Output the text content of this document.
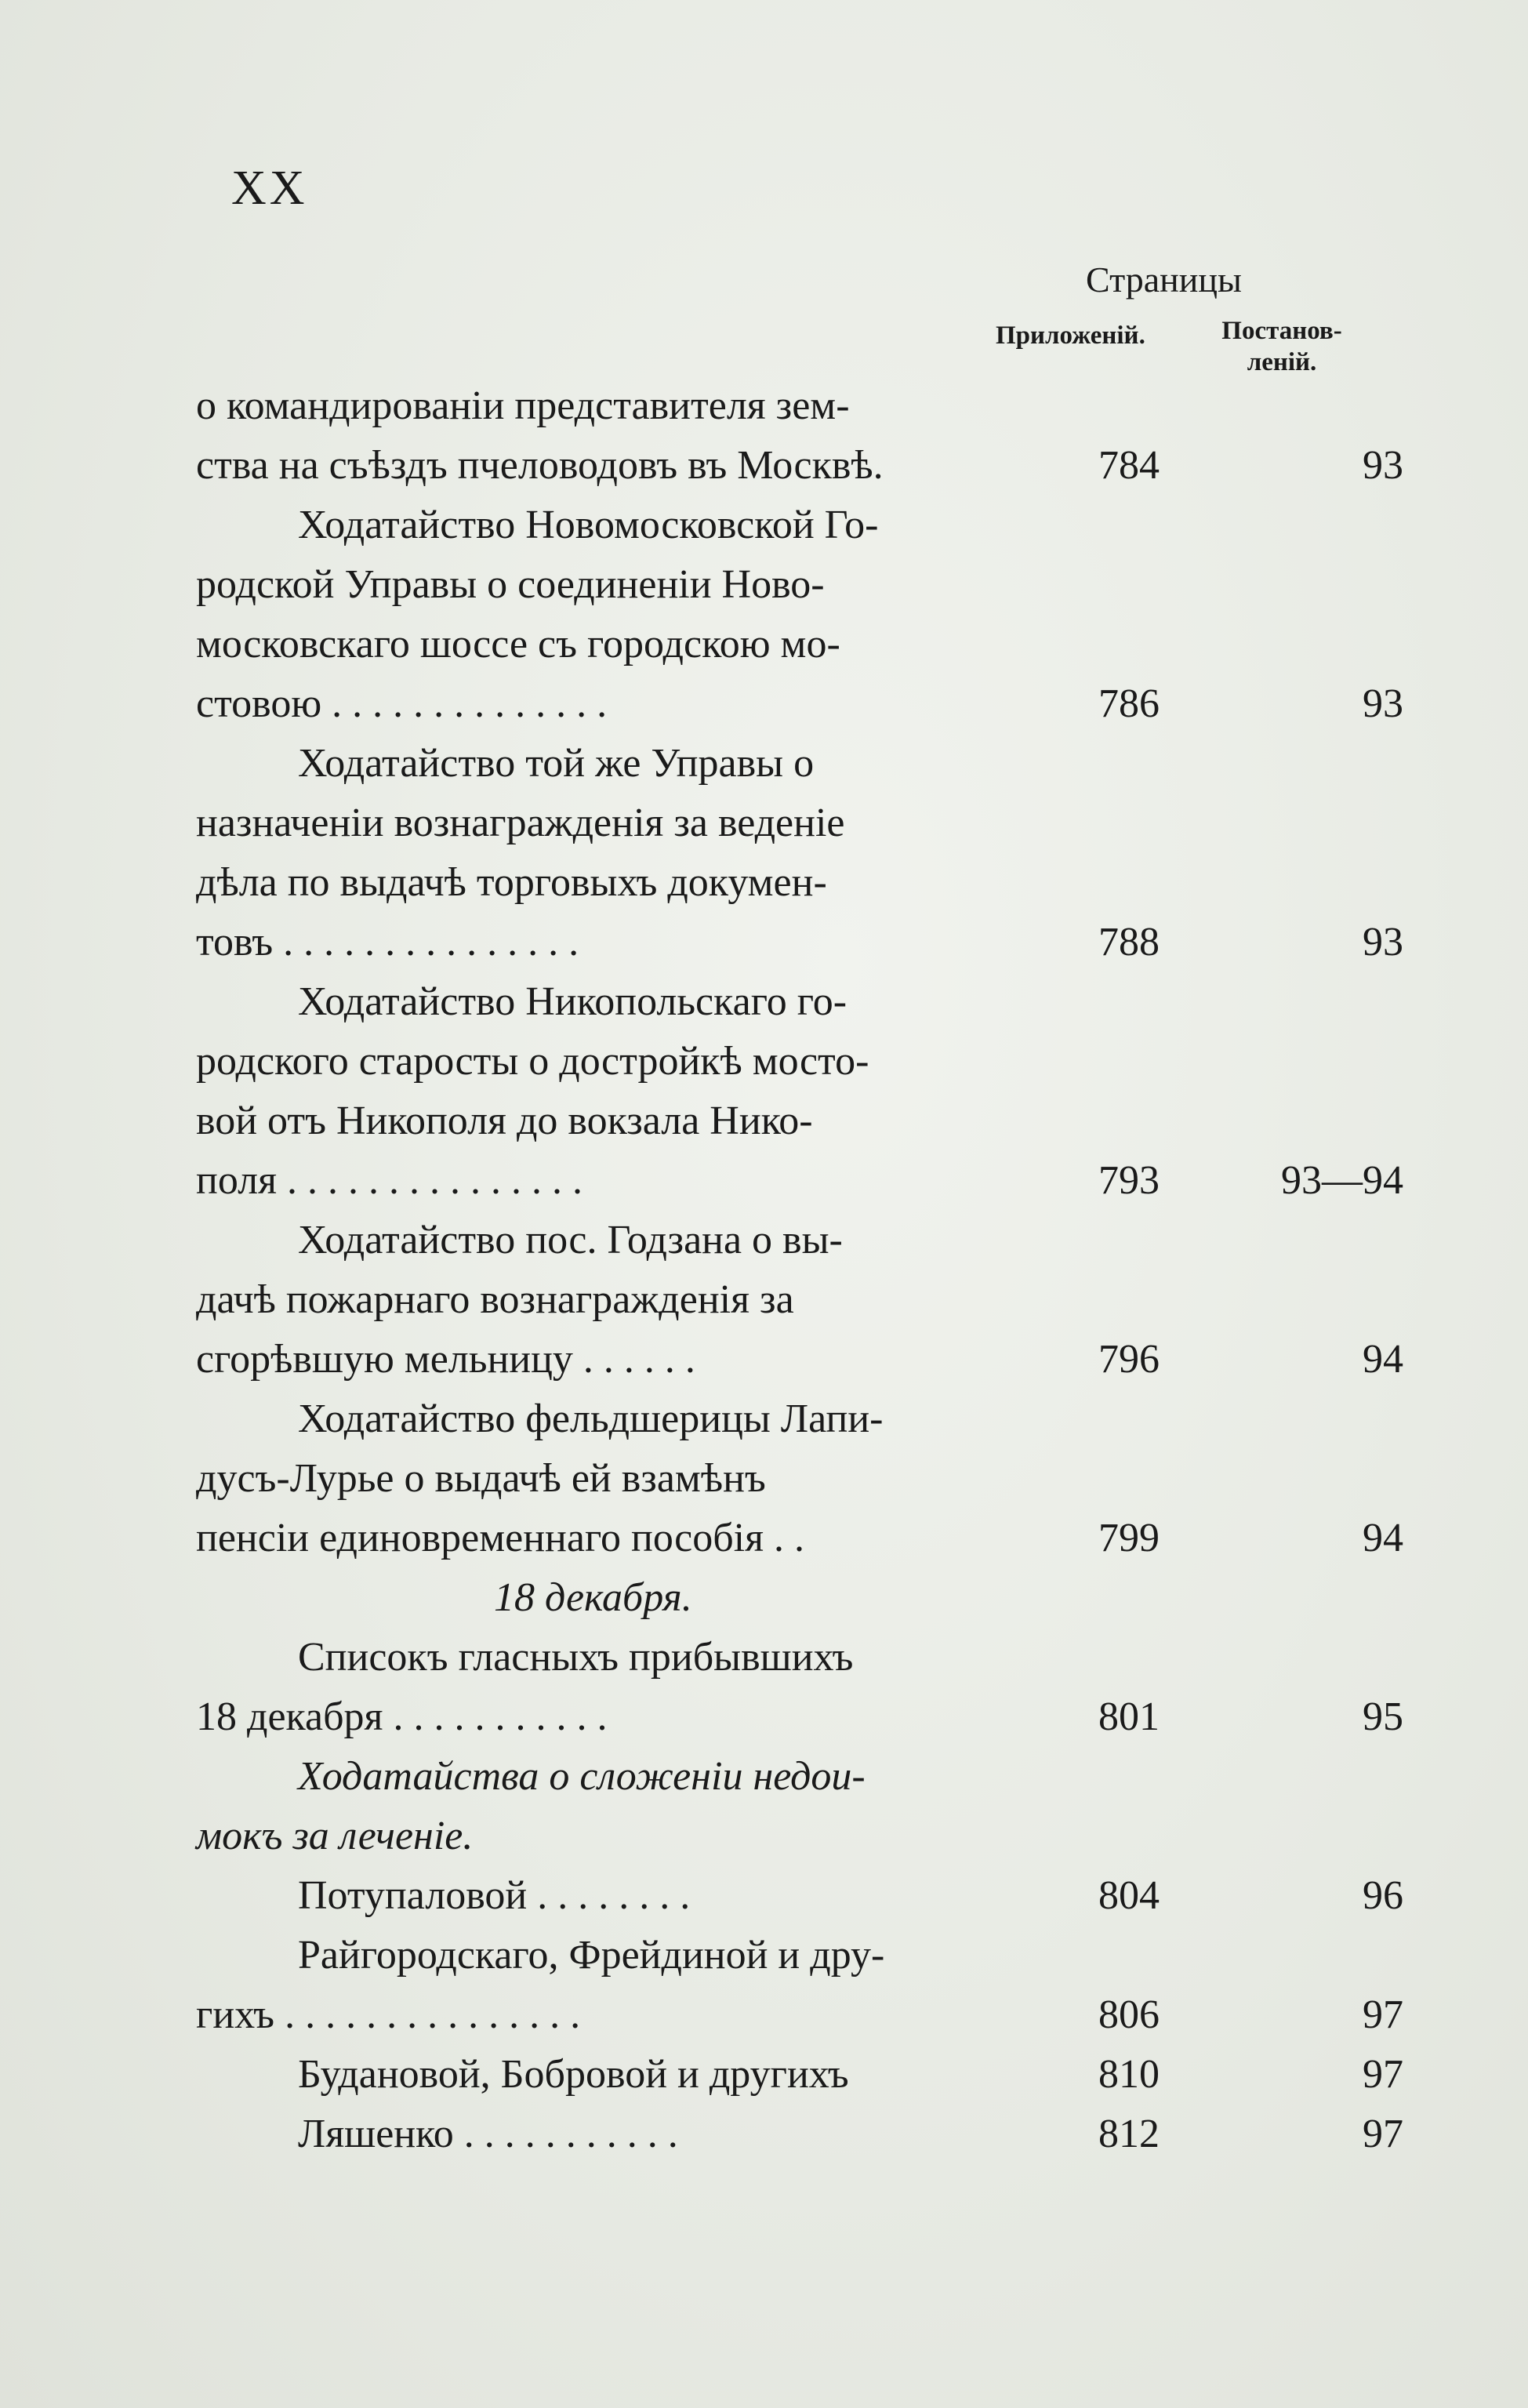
XX
Страницы
Приложеній.	Постанов-
леній.
о командированіи представителя зем-
ства на съѣздъ пчеловодовъ въ Москвѣ.	784	93
Ходатайство Новомосковской Го-
родской Управы о соединеніи Ново-
московскаго шоссе съ городскою мо-
стовою . . . . . . . . . . . . . .	786	93
Ходатайство той же Управы о
назначеніи вознагражденія за веденіе
дѣла по выдачѣ торговыхъ докумен-
товъ . . . . . . . . . . . . . . .	788	93
Ходатайство Никопольскаго го-
родского старосты о достройкѣ мосто-
вой отъ Никополя до вокзала Нико-
поля . . . . . . . . . . . . . . .	793	93—94
Ходатайство пос. Годзана о вы-
дачѣ пожарнаго вознагражденія за
сгорѣвшую мельницу . . . . . .	796	94
Ходатайство фельдшерицы Лапи-
дусъ-Лурье о выдачѣ ей взамѣнъ
пенсіи единовременнаго пособія . .	799	94
18 декабря.
Списокъ гласныхъ прибывшихъ
18 декабря . . . . . . . . . . .	801	95
Ходатайства о сложеніи недои-
мокъ за леченіе.
Потупаловой . . . . . . . .	804	96
Райгородскаго, Фрейдиной и дру-
гихъ . . . . . . . . . . . . . . .	806	97
Будановой, Бобровой и другихъ	810	97
Ляшенко . . . . . . . . . . .	812	97
